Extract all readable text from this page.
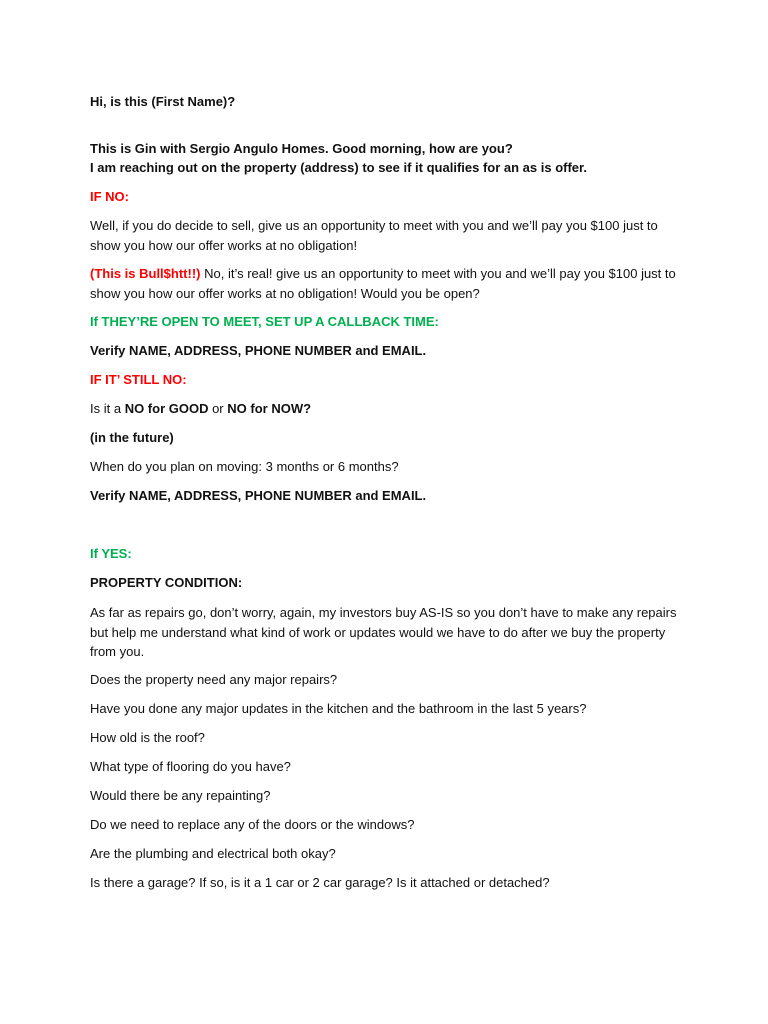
Hi, is this (First Name)?

This is Gin with Sergio Angulo Homes. Good morning, how are you?

I am reaching out on the property (address) to see if it qualifies for an as is offer.

IF NO:

Well, if you do decide to sell, give us an opportunity to meet with you and we’ll pay you $100 just to show you how our offer works at no obligation!

(This is Bull$htt!!) No, it’s real! give us an opportunity to meet with you and we’ll pay you $100 just to show you how our offer works at no obligation! Would you be open?

If THEY’RE OPEN TO MEET, SET UP A CALLBACK TIME:

Verify NAME, ADDRESS, PHONE NUMBER and EMAIL.

IF IT’ STILL NO:

Is it a NO for GOOD or NO for NOW?

(in the future)

When do you plan on moving: 3 months or 6 months?

Verify NAME, ADDRESS, PHONE NUMBER and EMAIL.

If YES:

PROPERTY CONDITION:

As far as repairs go, don’t worry, again, my investors buy AS-IS so you don’t have to make any repairs but help me understand what kind of work or updates would we have to do after we buy the property from you.

Does the property need any major repairs?

Have you done any major updates in the kitchen and the bathroom in the last 5 years?

How old is the roof?

What type of flooring do you have?

Would there be any repainting?

Do we need to replace any of the doors or the windows?

Are the plumbing and electrical both okay?

Is there a garage? If so, is it a 1 car or 2 car garage? Is it attached or detached?
